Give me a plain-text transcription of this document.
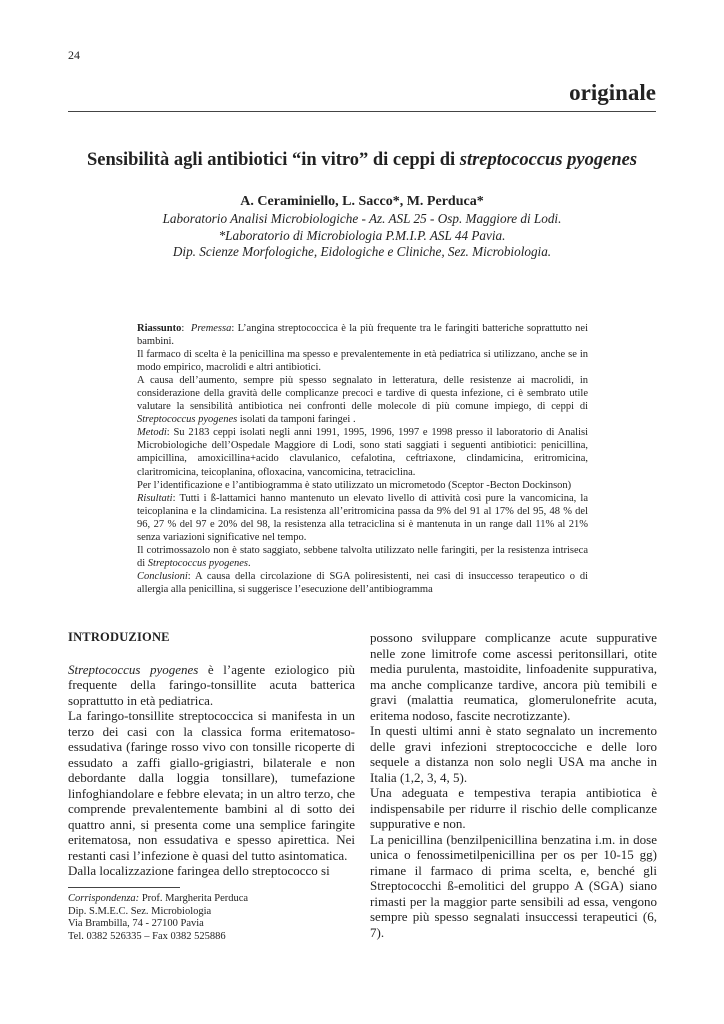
24
originale
Sensibilità agli antibiotici “in vitro” di ceppi di streptococcus pyogenes
A. Ceraminiello, L. Sacco*, M. Perduca*
Laboratorio Analisi Microbiologiche - Az. ASL 25 - Osp. Maggiore di Lodi.
*Laboratorio di Microbiologia P.M.I.P. ASL 44 Pavia.
Dip. Scienze Morfologiche, Eidologiche e Cliniche, Sez. Microbiologia.

Riassunto:  Premessa: L’angina streptococcica è la più frequente tra le faringiti batteriche soprattutto nei bambini.

Il farmaco di scelta è la penicillina ma spesso e prevalentemente in età pediatrica si utilizzano, anche se in modo empirico, macrolidi e altri antibiotici.

A causa dell’aumento, sempre più spesso segnalato in letteratura, delle resistenze ai macrolidi, in considerazione della gravità delle complicanze precoci e tardive di questa infezione, ci è sembrato utile valutare la sensibilità antibiotica nei confronti delle molecole di più comune impiego, di ceppi di Streptococcus pyogenes isolati da tamponi faringei .

Metodi: Su 2183 ceppi isolati negli anni 1991, 1995, 1996, 1997 e 1998 presso il laboratorio di Analisi Microbiologiche dell’Ospedale Maggiore di Lodi, sono stati saggiati i seguenti antibiotici: penicillina, ampicillina, amoxicillina+acido clavulanico, cefalotina, ceftriaxone, clindamicina, eritromicina, claritromicina, teicoplanina, ofloxacina, vancomicina, tetraciclina.

Per l’identificazione e l’antibiogramma è stato utilizzato un micrometodo (Sceptor -Becton Dockinson)

Risultati: Tutti i ß-lattamici hanno mantenuto un elevato livello di attività così pure la vancomicina, la teicoplanina e la clindamicina. La resistenza all’eritromicina passa da 9% del 91 al 17% del 95, 48 % del 96, 27 % del 97 e 20% del 98, la resistenza alla tetraciclina si è mantenuta in un range dall 11% al 21% senza variazioni significative nel tempo.

Il cotrimossazolo non è stato saggiato, sebbene talvolta utilizzato nelle faringiti, per la resistenza intriseca di Streptococcus pyogenes.

Conclusioni: A causa della circolazione di SGA poliresistenti, nei casi di insuccesso terapeutico o di allergia alla penicillina, si suggerisce l’esecuzione dell’antibiogramma

INTRODUZIONE

Streptococcus pyogenes è l’agente eziologico più frequente della faringo-tonsillite acuta batterica soprattutto in età pediatrica.

La faringo-tonsillite streptococcica si manifesta in un terzo dei casi con la classica forma eritematoso-essudativa (faringe rosso vivo con tonsille ricoperte di essudato a zaffi giallo-grigiastri, bilaterale e non debordante dalla loggia tonsillare), tumefazione linfoghiandolare e febbre elevata; in un altro terzo, che comprende prevalentemente bambini al di sotto dei quattro anni, si presenta come una semplice faringite eritematosa, non essudativa e spesso apirettica. Nei restanti casi l’infezione è quasi del tutto asintomatica.

Dalla localizzazione faringea dello streptococco si

possono sviluppare complicanze acute suppurative nelle zone limitrofe come ascessi peritonsillari, otite media purulenta, mastoidite, linfoadenite suppurativa, ma anche complicanze tardive, ancora più temibili e gravi (malattia reumatica, glomerulonefrite acuta, eritema nodoso, fascite necrotizzante).

In questi ultimi anni è stato segnalato un incremento delle gravi infezioni streptococciche e delle loro sequele a distanza non solo negli USA ma anche in Italia (1,2, 3, 4, 5).

Una adeguata e tempestiva terapia antibiotica è indispensabile per ridurre il rischio delle complicanze suppurative e non.

La penicillina (benzilpenicillina benzatina i.m. in dose unica o fenossimetilpenicillina per os per 10-15 gg) rimane il farmaco di prima scelta, e, benché gli Streptococchi ß-emolitici del gruppo A (SGA) siano rimasti per la maggior parte sensibili ad essa, vengono sempre più spesso segnalati insuccessi terapeutici (6, 7).

Corrispondenza: Prof. Margherita Perduca
Dip. S.M.E.C. Sez. Microbiologia
Via Brambilla, 74 - 27100 Pavia
Tel. 0382 526335 – Fax 0382 525886
